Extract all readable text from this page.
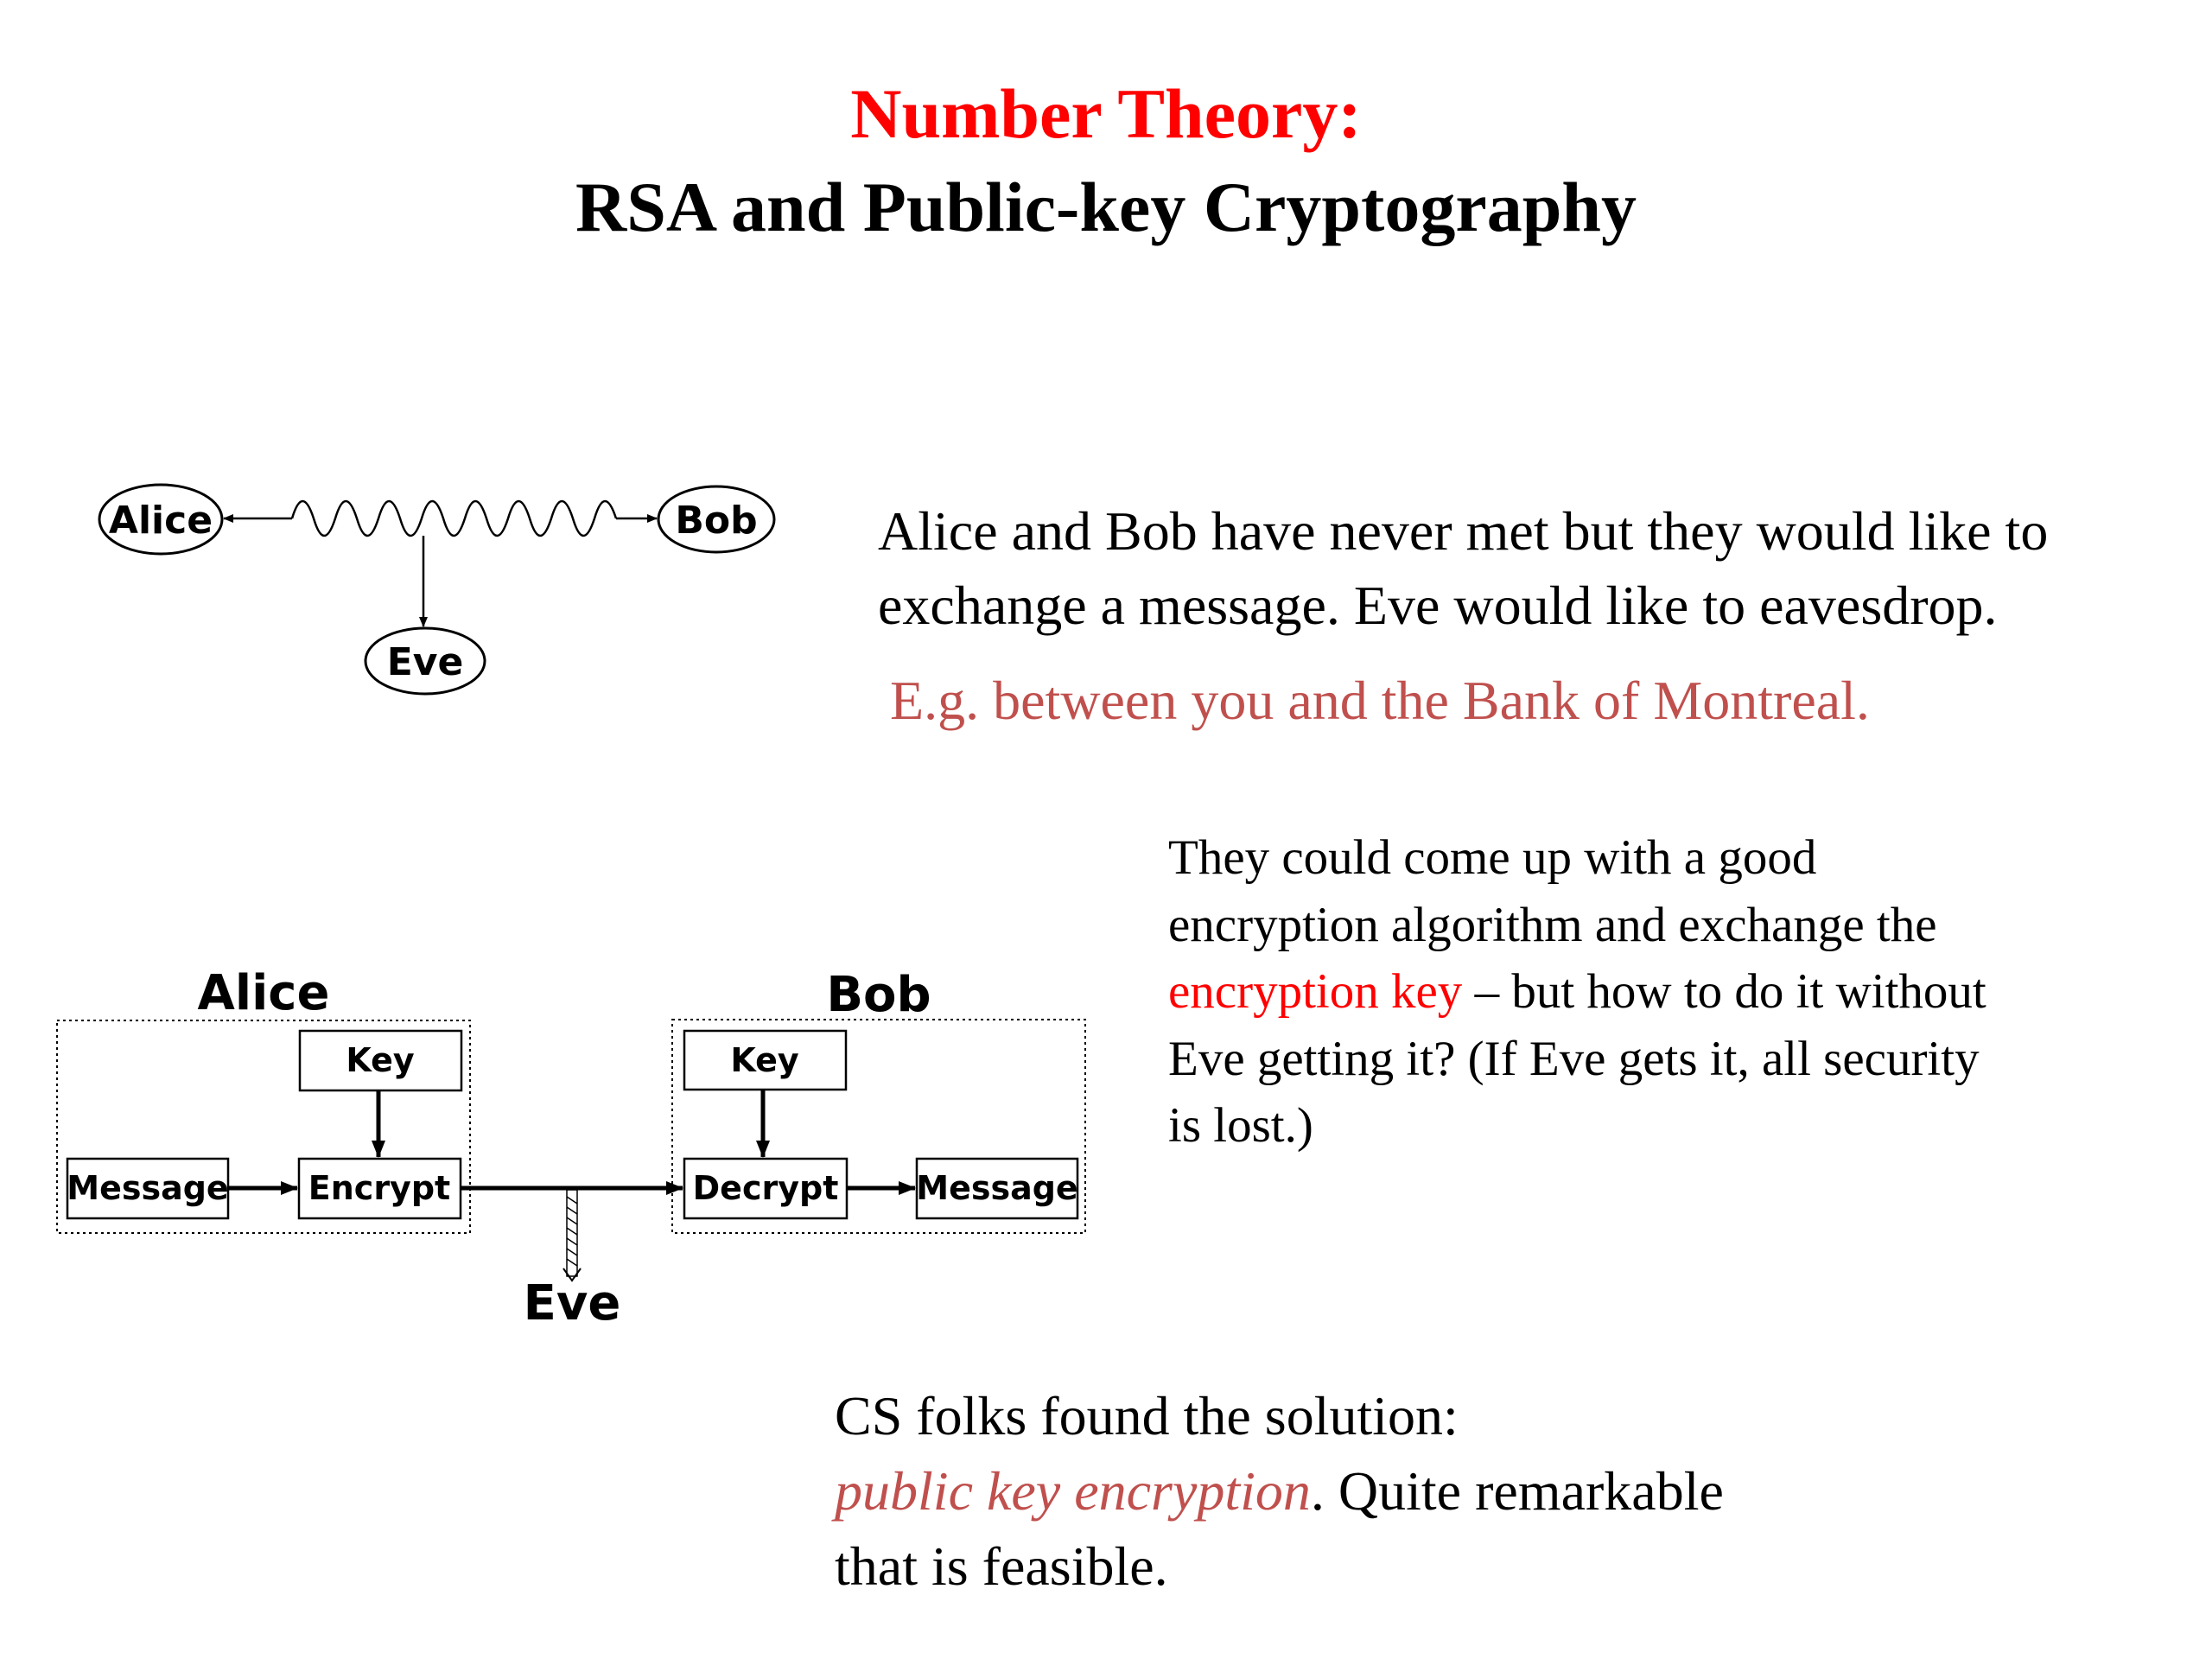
Number Theory:
RSA and Public-key Cryptography
Alice	Bob
Eve
Alice	Bob
Key
Message Encrypt
Key
Decrypt Message
Eve
Alice and Bob have never met but they would like to
exchange a message. Eve would like to eavesdrop.
E.g. between you and the Bank of Montreal.
They could come up with a good
encryption algorithm and exchange the
encryption key – but how to do it without
Eve getting it? (If Eve gets it, all security
is lost.)
CS folks found the solution:
public key encryption. Quite remarkable
that is feasible.
